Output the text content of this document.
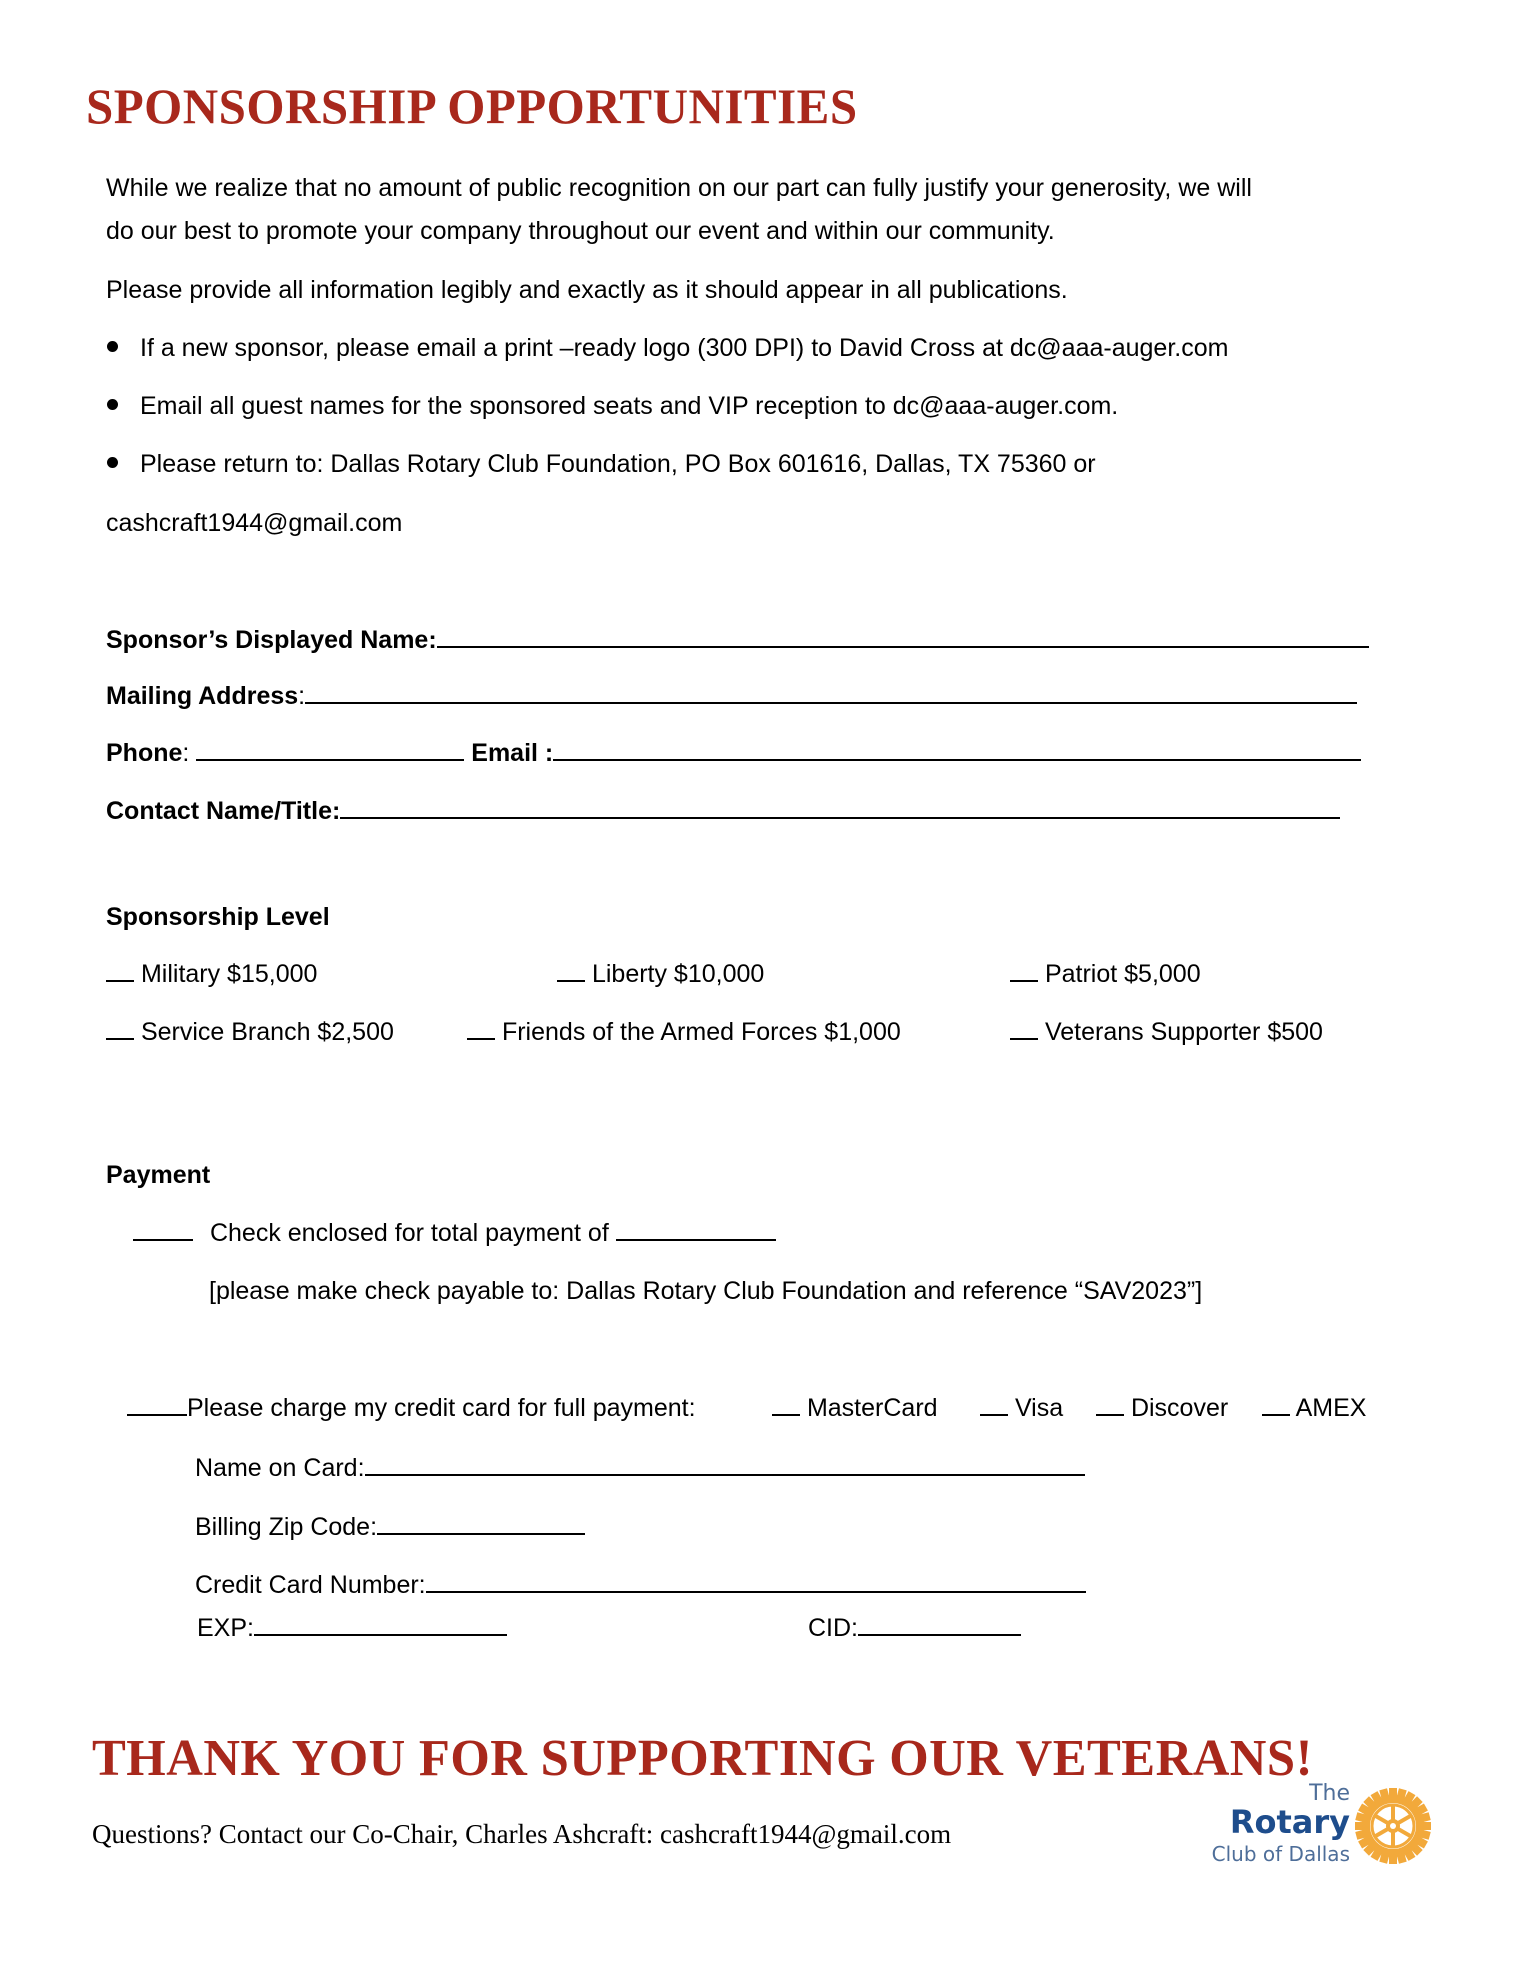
SPONSORSHIP OPPORTUNITIES
While we realize that no amount of public recognition on our part can fully justify your generosity, we will
do our best to promote your company throughout our event and within our community.
Please provide all information legibly and exactly as it should appear in all publications.
If a new sponsor, please email a print –ready logo (300 DPI) to David Cross at dc@aaa-auger.com
Email all guest names for the sponsored seats and VIP reception to dc@aaa-auger.com.
Please return to: Dallas Rotary Club Foundation, PO Box 601616, Dallas, TX 75360 or
cashcraft1944@gmail.com
Sponsor’s Displayed Name:
Mailing Address:
Phone:	Email :
Contact Name/Title:
Sponsorship Level
Military $15,000	Liberty $10,000	Patriot $5,000
Service Branch $2,500	Friends of the Armed Forces $1,000	Veterans Supporter $500
Payment
Check enclosed for total payment of
[please make check payable to: Dallas Rotary Club Foundation and reference “SAV2023”]
Please charge my credit card for full payment:	MasterCard	Visa	Discover	AMEX
Name on Card:
Billing Zip Code:
Credit Card Number:
EXP:	CID:
THANK YOU FOR SUPPORTING OUR VETERANS!
Questions? Contact our Co-Chair, Charles Ashcraft: cashcraft1944@gmail.com
The
Rotary
Club of Dallas
